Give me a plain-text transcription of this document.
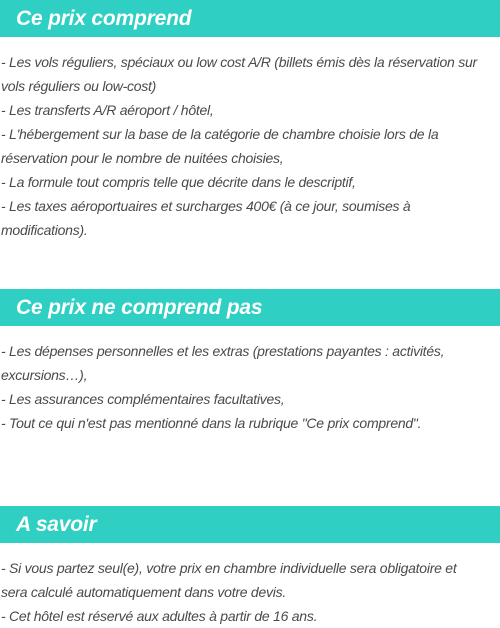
Ce prix comprend
- Les vols réguliers, spéciaux ou low cost A/R (billets émis dès la réservation sur
vols réguliers ou low-cost)
- Les transferts A/R aéroport / hôtel,
- L'hébergement sur la base de la catégorie de chambre choisie lors de la
réservation pour le nombre de nuitées choisies,
- La formule tout compris telle que décrite dans le descriptif,
- Les taxes aéroportuaires et surcharges 400€ (à ce jour, soumises à
modifications).
Ce prix ne comprend pas
- Les dépenses personnelles et les extras (prestations payantes : activités,
excursions…),
- Les assurances complémentaires facultatives,
- Tout ce qui n'est pas mentionné dans la rubrique "Ce prix comprend".
A savoir
- Si vous partez seul(e), votre prix en chambre individuelle sera obligatoire et
sera calculé automatiquement dans votre devis.
- Cet hôtel est réservé aux adultes à partir de 16 ans.
